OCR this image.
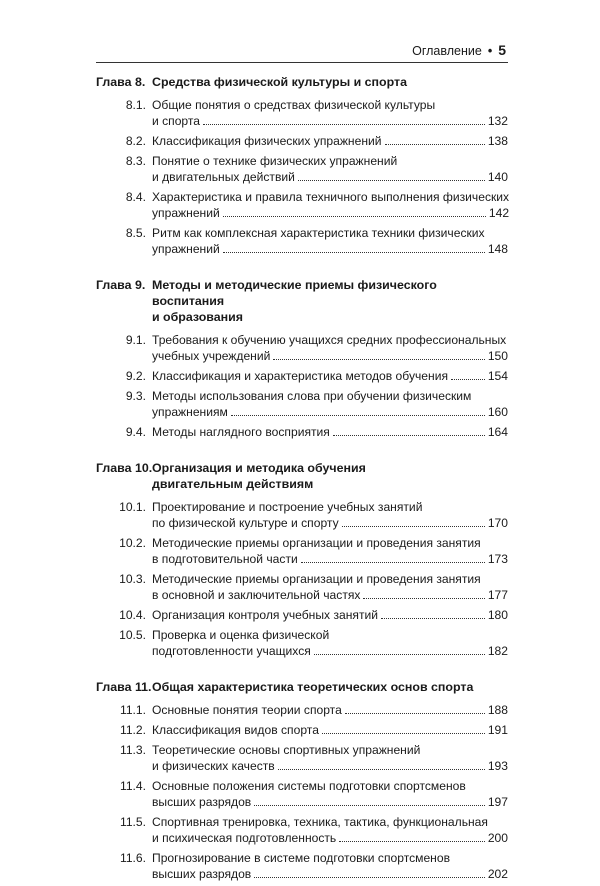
Оглавление • 5
Глава 8. Средства физической культуры и спорта
8.1. Общие понятия о средствах физической культуры
и спорта	132
8.2. Классификация физических упражнений	138
8.3. Понятие о технике физических упражнений
и двигательных действий	140
8.4. Характеристика и правила техничного выполнения физических
упражнений	142
8.5. Ритм как комплексная характеристика техники физических
упражнений	148
Глава 9. Методы и методические приемы физического воспитания
и образования
9.1. Требования к обучению учащихся средних профессиональных
учебных учреждений	150
9.2. Классификация и характеристика методов обучения	154
9.3. Методы использования слова при обучении физическим
упражнениям	160
9.4. Методы наглядного восприятия	164
Глава 10. Организация и методика обучения
двигательным действиям
10.1. Проектирование и построение учебных занятий
по физической культуре и спорту	170
10.2. Методические приемы организации и проведения занятия
в подготовительной части	173
10.3. Методические приемы организации и проведения занятия
в основной и заключительной частях	177
10.4. Организация контроля учебных занятий	180
10.5. Проверка и оценка физической
подготовленности учащихся	182
Глава 11. Общая характеристика теоретических основ спорта
11.1. Основные понятия теории спорта	188
11.2. Классификация видов спорта	191
11.3. Теоретические основы спортивных упражнений
и физических качеств	193
11.4. Основные положения системы подготовки спортсменов
высших разрядов	197
11.5. Спортивная тренировка, техника, тактика, функциональная
и психическая подготовленность	200
11.6. Прогнозирование в системе подготовки спортсменов
высших разрядов	202
